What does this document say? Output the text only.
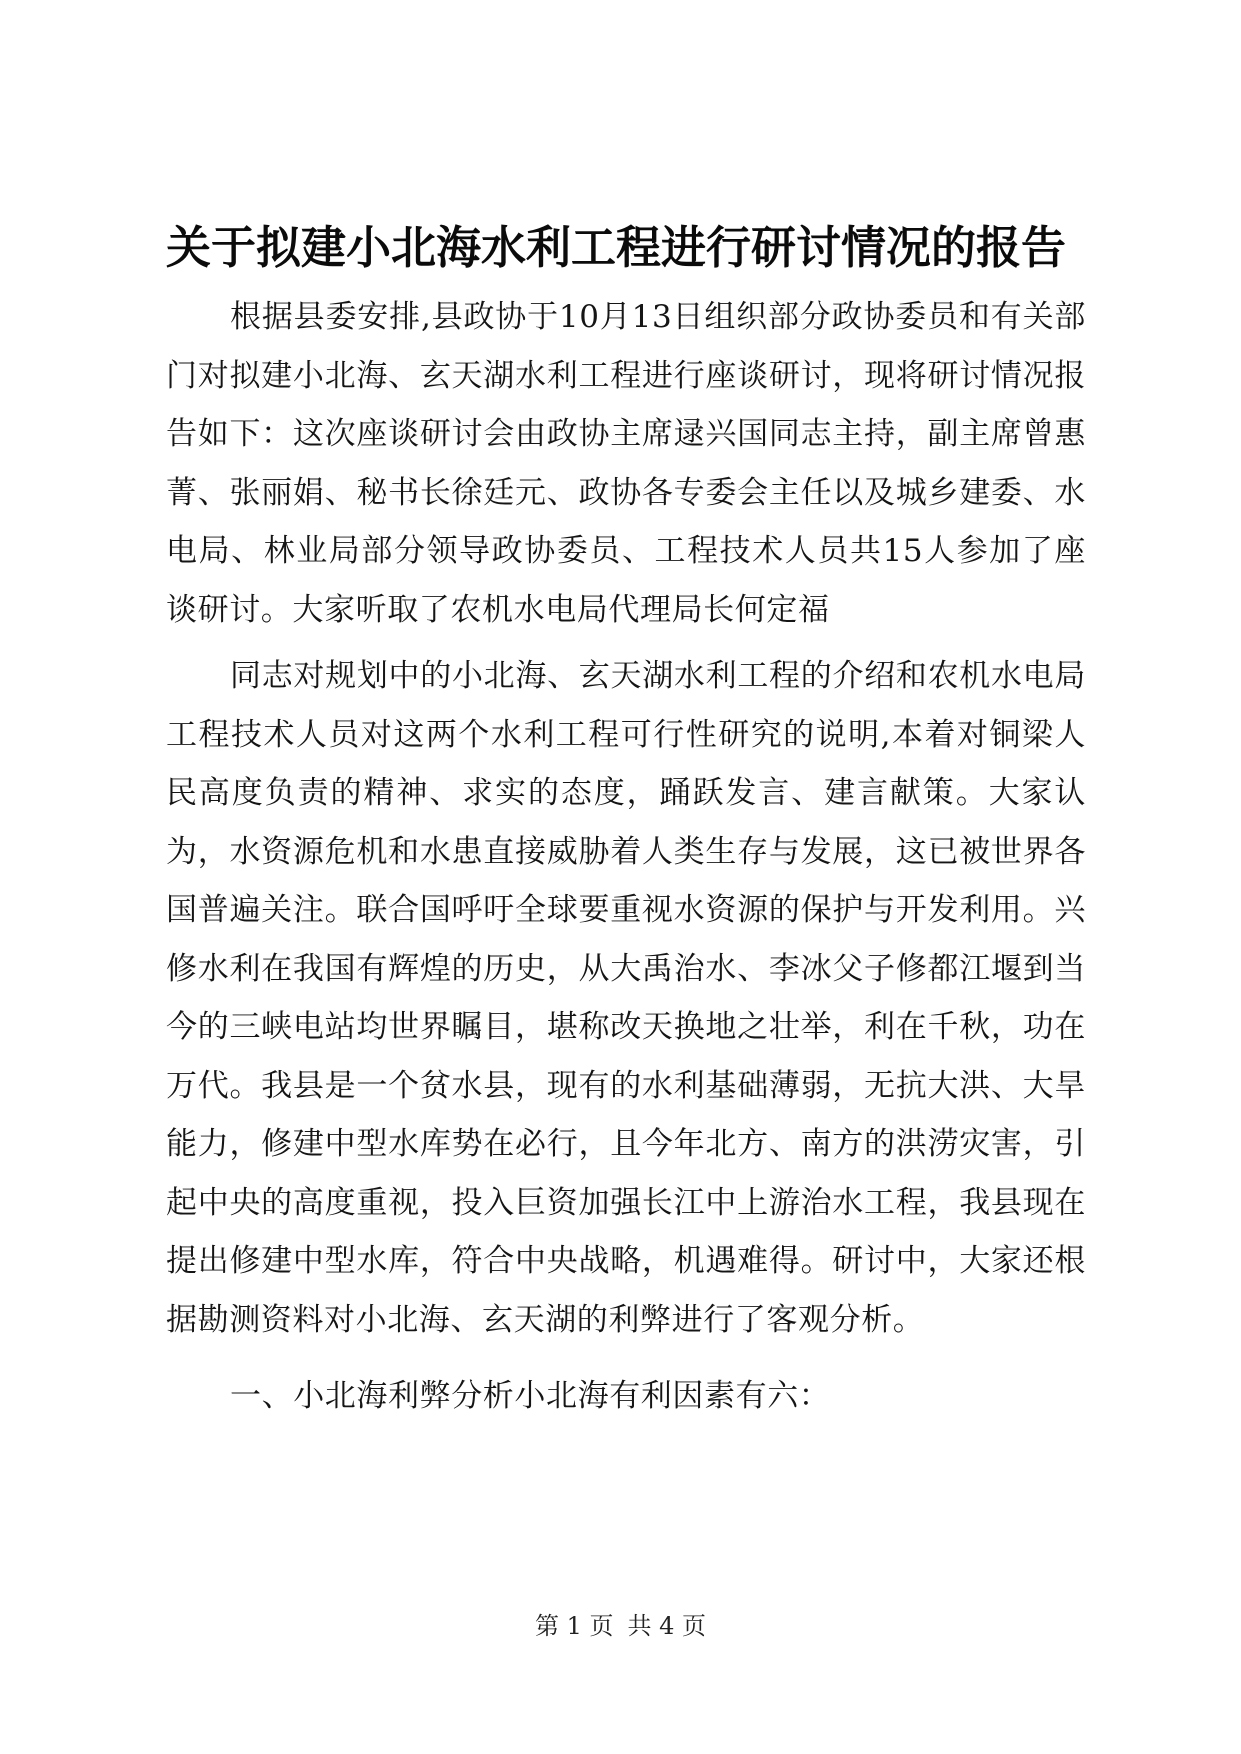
关于拟建小北海水利工程进行研讨情况的报告

根据县委安排,县政协于10月13日组织部分政协委员和有关部门对拟建小北海、玄天湖水利工程进行座谈研讨，现将研讨情况报告如下：这次座谈研讨会由政协主席逯兴国同志主持，副主席曾惠菁、张丽娟、秘书长徐廷元、政协各专委会主任以及城乡建委、水电局、林业局部分领导政协委员、工程技术人员共15人参加了座谈研讨。大家听取了农机水电局代理局长何定福

同志对规划中的小北海、玄天湖水利工程的介绍和农机水电局工程技术人员对这两个水利工程可行性研究的说明,本着对铜梁人民高度负责的精神、求实的态度，踊跃发言、建言献策。大家认为，水资源危机和水患直接威胁着人类生存与发展，这已被世界各国普遍关注。联合国呼吁全球要重视水资源的保护与开发利用。兴修水利在我国有辉煌的历史，从大禹治水、李冰父子修都江堰到当今的三峡电站均世界瞩目，堪称改天换地之壮举，利在千秋，功在万代。我县是一个贫水县，现有的水利基础薄弱，无抗大洪、大旱能力，修建中型水库势在必行，且今年北方、南方的洪涝灾害，引起中央的高度重视，投入巨资加强长江中上游治水工程，我县现在提出修建中型水库，符合中央战略，机遇难得。研讨中，大家还根据勘测资料对小北海、玄天湖的利弊进行了客观分析。

一、小北海利弊分析小北海有利因素有六：

第 1 页 共 4 页
